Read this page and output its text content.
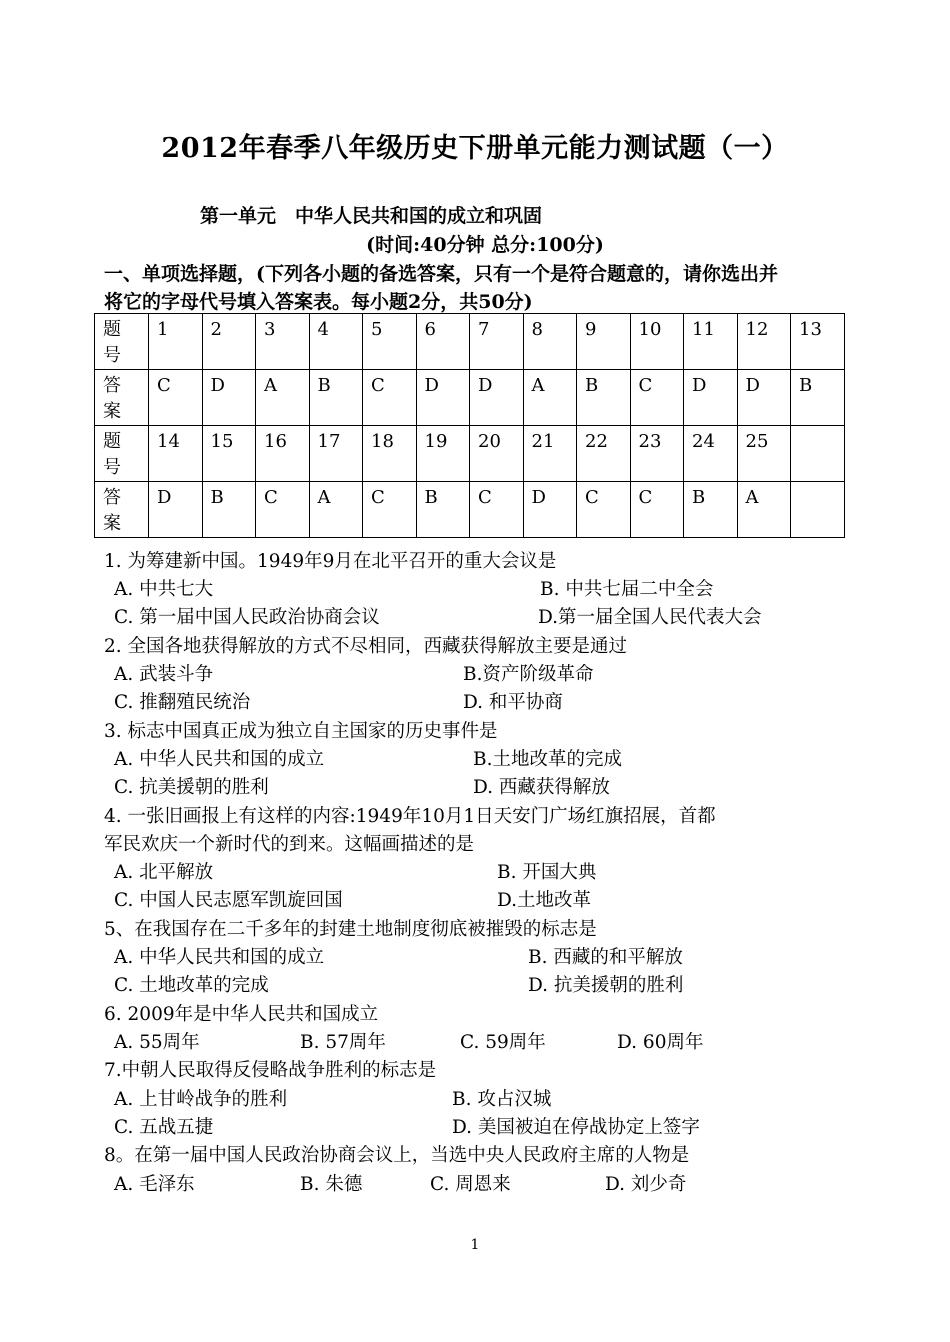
2012年春季八年级历史下册单元能力测试题（一）
第一单元　中华人民共和国的成立和巩固
(时间:40分钟 总分:100分)
一、单项选择题，(下列各小题的备选答案，只有一个是符合题意的，请你选出并
将它的字母代号填入答案表。每小题2分，共50分)
题
号	1	2	3	4	5	6	7	8	9	10	11	12	13
答
案	C	D	A	B	C	D	D	A	B	C	D	D	B
题
号	14	15	16	17	18	19	20	21	22	23	24	25	
答
案	D	B	C	A	C	B	C	D	C	C	B	A	
1. 为筹建新中国。1949年9月在北平召开的重大会议是
A. 中共七大	B. 中共七届二中全会
C. 第一届中国人民政治协商会议	D.第一届全国人民代表大会
2. 全国各地获得解放的方式不尽相同，西藏获得解放主要是通过
A. 武装斗争	B.资产阶级革命
C. 推翻殖民统治	D. 和平协商
3. 标志中国真正成为独立自主国家的历史事件是
A. 中华人民共和国的成立	B.土地改革的完成
C. 抗美援朝的胜利	D. 西藏获得解放
4. 一张旧画报上有这样的内容:1949年10月1日天安门广场红旗招展，首都
军民欢庆一个新时代的到来。这幅画描述的是
A. 北平解放	B. 开国大典
C. 中国人民志愿军凯旋回国	D.土地改革
5、在我国存在二千多年的封建土地制度彻底被摧毁的标志是
A. 中华人民共和国的成立	B. 西藏的和平解放
C. 土地改革的完成	D. 抗美援朝的胜利
6. 2009年是中华人民共和国成立
A. 55周年	B. 57周年	C. 59周年	D. 60周年
7.中朝人民取得反侵略战争胜利的标志是
A. 上甘岭战争的胜利	B. 攻占汉城
C. 五战五捷	D. 美国被迫在停战协定上签字
8。在第一届中国人民政治协商会议上，当选中央人民政府主席的人物是
A. 毛泽东	B. 朱德	C. 周恩来	D. 刘少奇
1
